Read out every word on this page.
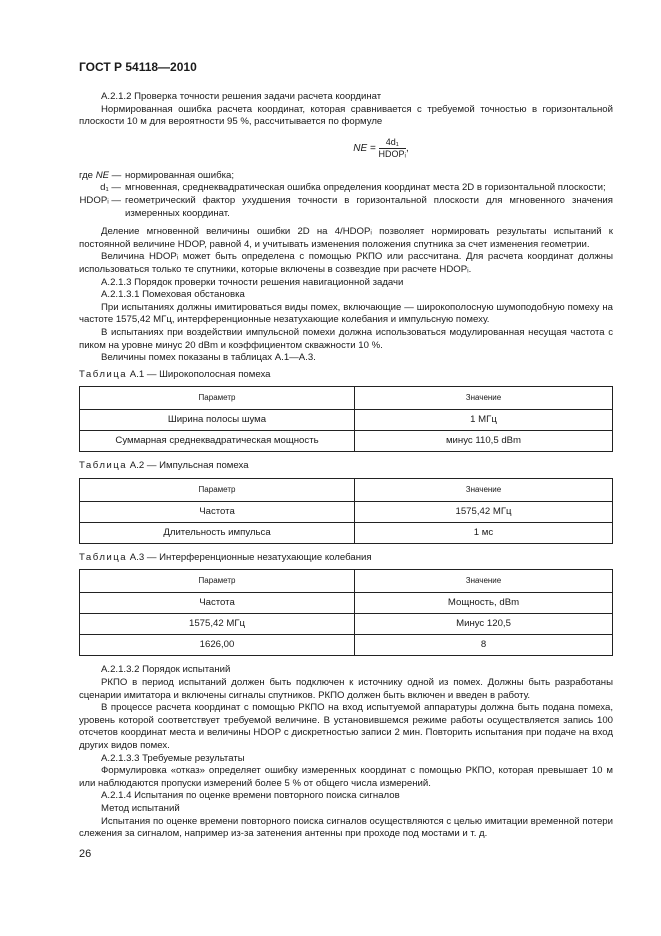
ГОСТ Р 54118—2010

А.2.1.2 Проверка точности решения задачи расчета координат

Нормированная ошибка расчета координат, которая сравнивается с требуемой точностью в горизонтальной плоскости 10 м для вероятности 95 %, рассчитывается по формуле

NE = $\frac{\text{4d₁}}{\text{HDOPᵢ}}$ ,
где NE — нормированная ошибка;
d₁ — мгновенная, среднеквадратическая ошибка определения координат места 2D в горизонтальной плоскости;
HDOPᵢ — геометрический фактор ухудшения точности в горизонтальной плоскости для мгновенного значения измеренных координат.

Деление мгновенной величины ошибки 2D на 4/HDOPᵢ позволяет нормировать результаты испытаний к постоянной величине HDOP, равной 4, и учитывать изменения положения спутника за счет изменения геометрии.

Величина HDOPᵢ может быть определена с помощью РКПО или рассчитана. Для расчета координат должны использоваться только те спутники, которые включены в созвездие при расчете HDOPᵢ.

А.2.1.3 Порядок проверки точности решения навигационной задачи

А.2.1.3.1 Помеховая обстановка

При испытаниях должны имитироваться виды помех, включающие — широкополосную шумоподобную помеху на частоте 1575,42 МГц, интерференционные незатухающие колебания и импульсную помеху.

В испытаниях при воздействии импульсной помехи должна использоваться модулированная несущая частота с пиком на уровне минус 20 dBm и коэффициентом скважности 10 %.

Величины помех показаны в таблицах А.1—А.3.

Таблица А.1 — Широкополосная помеха
Параметр	Значение
Ширина полосы шума	1 МГц
Суммарная среднеквадратическая мощность	минус 110,5 dBm
Таблица А.2 — Импульсная помеха
Параметр	Значение
Частота	1575,42 МГц
Длительность импульса	1 мс
Таблица А.3 — Интерференционные незатухающие колебания
Параметр	Значение
Частота	Мощность, dBm
1575,42 МГц	Минус 120,5
1626,00	8

А.2.1.3.2 Порядок испытаний

РКПО в период испытаний должен быть подключен к источнику одной из помех. Должны быть разработаны сценарии имитатора и включены сигналы спутников. РКПО должен быть включен и введен в работу.

В процессе расчета координат с помощью РКПО на вход испытуемой аппаратуры должна быть подана помеха, уровень которой соответствует требуемой величине. В установившемся режиме работы осуществляется запись 100 отсчетов координат места и величины HDOP с дискретностью записи 2 мин. Повторить испытания при подаче на вход других видов помех.

А.2.1.3.3 Требуемые результаты

Формулировка «отказ» определяет ошибку измеренных координат с помощью РКПО, которая превышает 10 м или наблюдаются пропуски измерений более 5 % от общего числа измерений.

А.2.1.4 Испытания по оценке времени повторного поиска сигналов

Метод испытаний

Испытания по оценке времени повторного поиска сигналов осуществляются с целью имитации временной потери слежения за сигналом, например из-за затенения антенны при проходе под мостами и т. д.

26
